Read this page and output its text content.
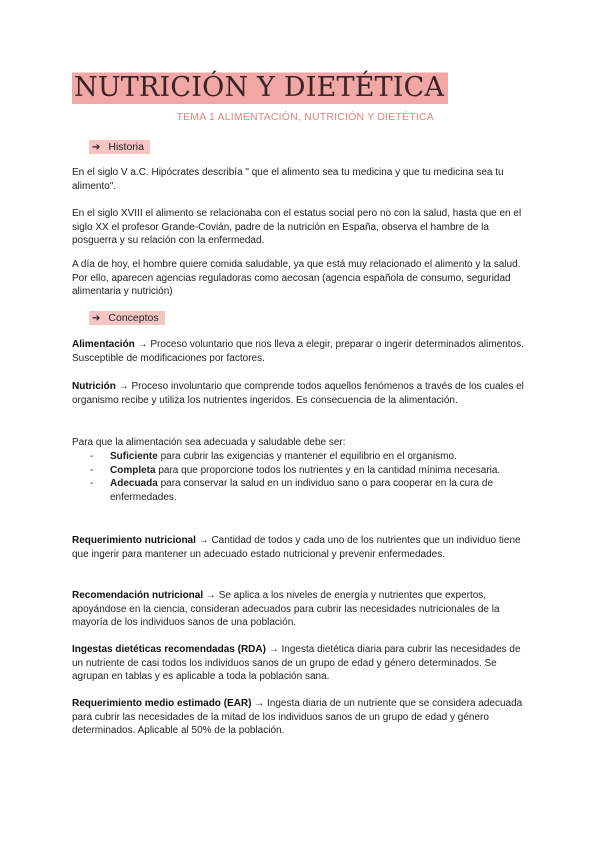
NUTRICIÓN Y DIETÉTICA
TEMA 1 ALIMENTACIÓN, NUTRICIÓN Y DIETÉTICA
➔ Historia

En el siglo V a.C. Hipócrates describía " que el alimento sea tu medicina y que tu medicina sea tu alimento".

En el siglo XVIII el alimento se relacionaba con el estatus social pero no con la salud, hasta que en el siglo XX el profesor Grande-Covián, padre de la nutrición en España, observa el hambre de la posguerra y su relación con la enfermedad.

A día de hoy, el hombre quiere comida saludable, ya que está muy relacionado el alimento y la salud. Por ello, aparecen agencias reguladoras como aecosan (agencia española de consumo, seguridad alimentaria y nutrición)

➔ Conceptos

Alimentación → Proceso voluntario que nos lleva a elegir, preparar o ingerir determinados alimentos. Susceptible de modificaciones por factores.

Nutrición → Proceso involuntario que comprende todos aquellos fenómenos a través de los cuales el organismo recibe y utiliza los nutrientes ingeridos. Es consecuencia de la alimentación.

Para que la alimentación sea adecuada y saludable debe ser:

- Suficiente para cubrir las exigencias y mantener el equilibrio en el organismo.
- Completa para que proporcione todos los nutrientes y en la cantidad mínima necesaria.
- Adecuada para conservar la salud en un individuo sano o para cooperar en la cura de enfermedades.

Requerimiento nutricional → Cantidad de todos y cada uno de los nutrientes que un individuo tiene que ingerir para mantener un adecuado estado nutricional y prevenir enfermedades.

Recomendación nutricional → Se aplica a los niveles de energía y nutrientes que expertos, apoyándose en la ciencia, consideran adecuados para cubrir las necesidades nutricionales de la mayoría de los individuos sanos de una población.

Ingestas dietéticas recomendadas (RDA) → Ingesta dietética diaria para cubrir las necesidades de un nutriente de casi todos los individuos sanos de un grupo de edad y género determinados. Se agrupan en tablas y es aplicable a toda la población sana.

Requerimiento medio estimado (EAR) → Ingesta diaria de un nutriente que se considera adecuada para cubrir las necesidades de la mitad de los individuos sanos de un grupo de edad y género determinados. Aplicable al 50% de la población.
